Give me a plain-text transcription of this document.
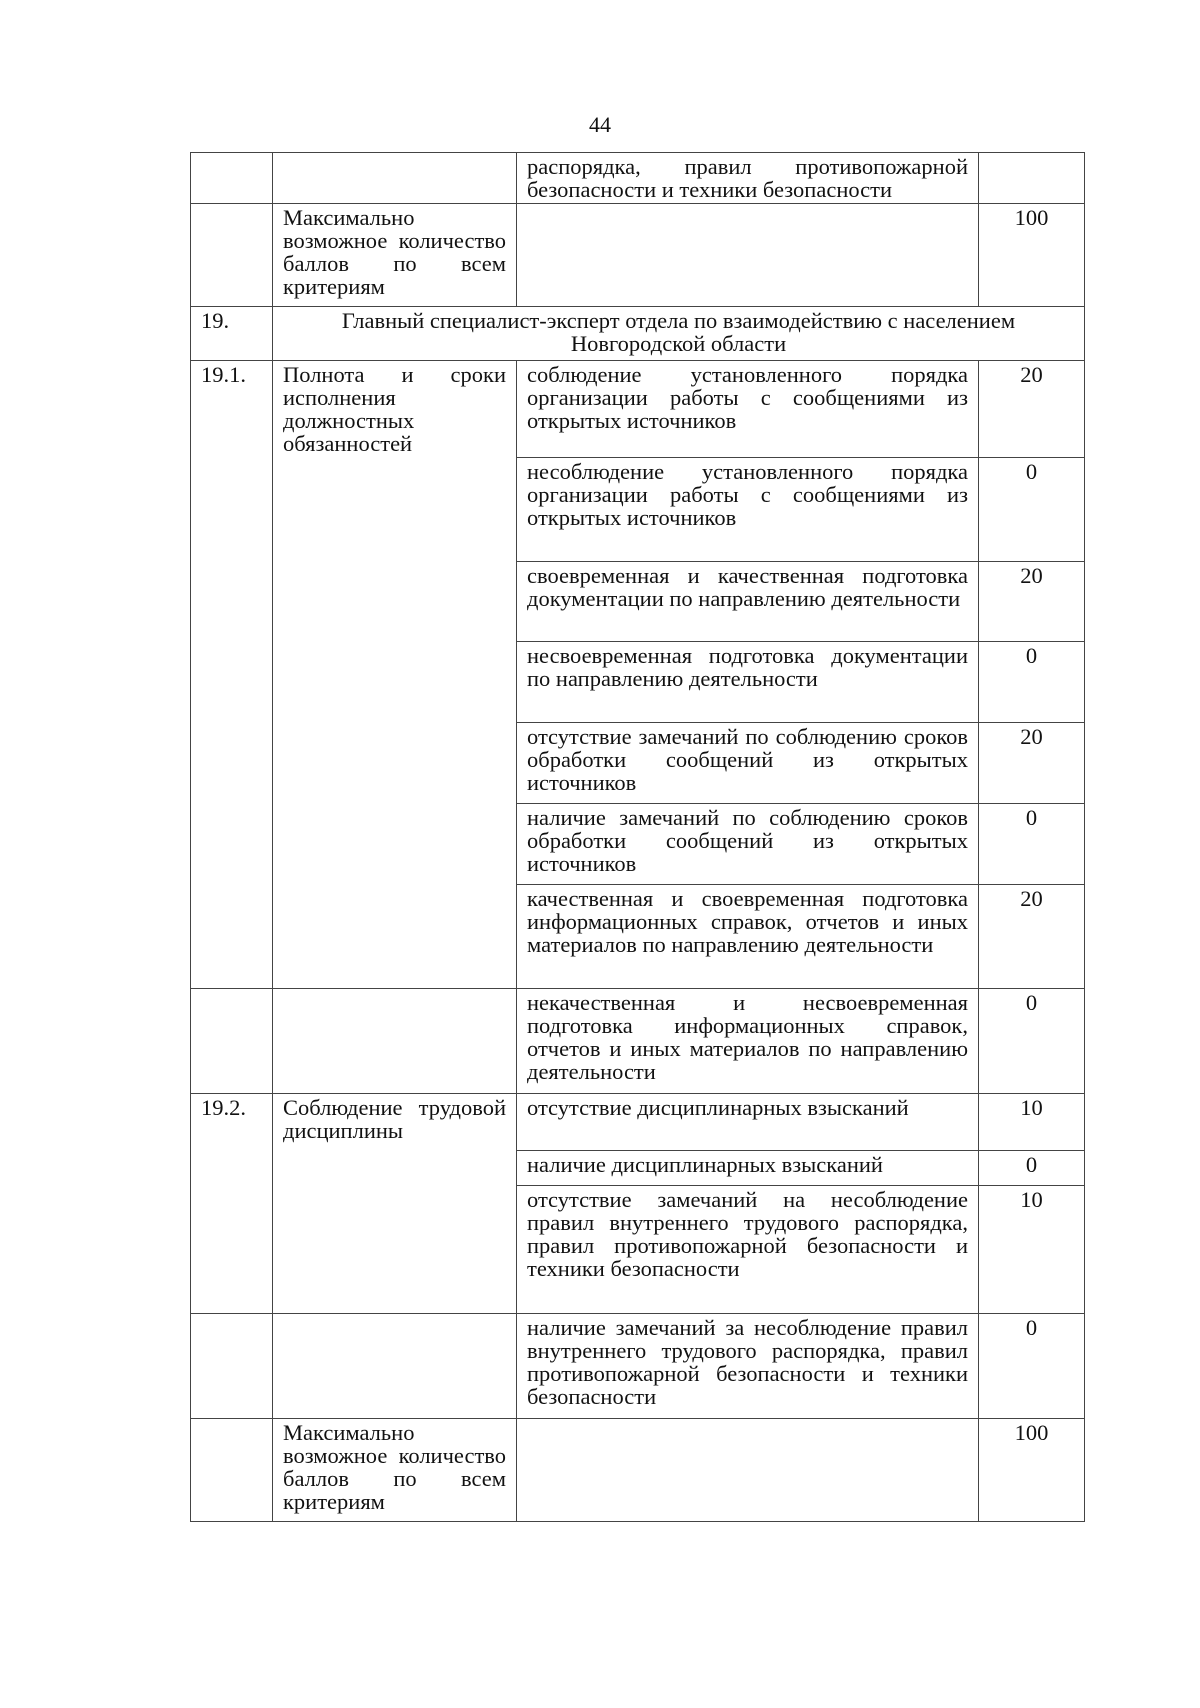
44
		распорядка, правил противопожарной безопасности и техники безопасности	
	Максимально возможное количество баллов по всем критериям		100
19.	Главный специалист-эксперт отдела по взаимодействию с населением Новгородской области		
19.1.	Полнота и сроки исполнения должностных обязанностей	соблюдение установленного порядка организации работы с сообщениями из открытых источников	20
		несоблюдение установленного порядка организации работы с сообщениями из открытых источников	0
		своевременная и качественная подготовка документации по направлению деятельности	20
		несвоевременная подготовка документации по направлению деятельности	0
		отсутствие замечаний по соблюдению сроков обработки сообщений из открытых источников	20
		наличие замечаний по соблюдению сроков обработки сообщений из открытых источников	0
		качественная и своевременная подготовка информационных справок, отчетов и иных материалов по направлению деятельности	20
		некачественная и несвоевременная подготовка информационных справок, отчетов и иных материалов по направлению деятельности	0
19.2.	Соблюдение трудовой дисциплины	отсутствие дисциплинарных взысканий	10
		наличие дисциплинарных взысканий	0
		отсутствие замечаний на несоблюдение правил внутреннего трудового распорядка, правил противопожарной безопасности и техники безопасности	10
		наличие замечаний за несоблюдение правил внутреннего трудового распорядка, правил противопожарной безопасности и техники безопасности	0
	Максимально возможное количество баллов по всем критериям		100
